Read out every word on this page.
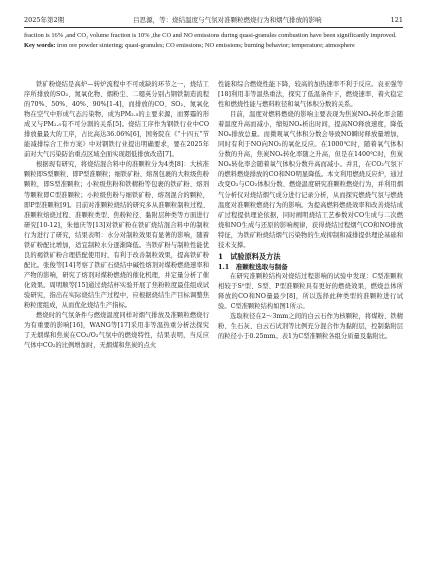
2025年第2期	吕思源，等：烧结温度与气氛对准颗粒燃烧行为和烟气排放的影响	121

fraction is 16% ,and CO₂ volume fraction is 10% ,the CO and NO emissions during quasi-granules combustion have been significantly improved.

Key words: iron ore powder sintering; quasi-granules; CO emissions; NO emissions; burning behavior; temperature; atmosphere

铁矿粉烧结是高炉—转炉流程中不可或缺的环节之一，烧结工序所排放的SO₂、氮氧化物、烟粉尘、二噁英分别占钢铁制造流程的70%、50%、40%、90%[1-4]，而排放的CO、SO₂、氮氧化物在空气中形成气态污染物，成为PM₂.₅的主要来源，而雾霾的形成又与PM₂.₅有不可分割的关系[5]。烧结工序作为钢铁行业中CO排放量最大的工序，占比高达36.06%[6]，国务院在《“十四五”节能减排综合工作方案》中对钢铁行业提出明确要求，要在2025年前对大气污染防治重点区域全面实现超低排放改造[7]。

根据现有研究，将烧结混合料中的准颗粒分为4类[8]：大核准颗粒即S型颗粒、即P型准颗粒；细铁矿粉、熔剂包裹的大粒级焦粉颗粒，即S型准颗粒；小粒级焦粉和铁精粉等包裹的铁矿粉、熔剂等颗粒即C型准颗粒；小粒级焦粉与细铁矿粉、熔剂混合的颗粒，即P型准颗粒[9]。目前对准颗粒烧结的研究多从准颗粒制粒过程、准颗粒焙烧过程、准颗粒类型、焦粉粒径、黏附层种类等方面进行研究[10-12]，朱德庆等[13]对铁矿粉在铁矿烧结混合料中的制粒行为进行了研究，结果表明：水分对制粒效果有显著的影响，随着铁矿粉配比增加，适宜制粒水分逐渐降低。当铁矿粉与制粒性能优良的褐铁矿粉合理搭配使用时，有利于改善制粒效果，提高铁矿粉配比。张俊等[14]考察了铁矿石烧结中碱性熔剂对煤粉燃烧速率和产物的影响，研究了熔剂对煤粉燃烧的催化机理，并定量分析了催化效果。周明顺等[15]通过烧结杯实验开展了焦粉粒度最佳组成试验研究，指出在实际烧结生产过程中，应根据烧结生产目标调整焦粉粒度组成，从而优化烧结生产指标。

燃烧时的气氛条件与燃烧温度同样对烟气排放及准颗粒燃烧行为有重要的影响[16]，WANG等[17]采用非等温热重分析法探究了无烟煤和焦炭在CO₂/O₂气氛中的燃烧特性，结果表明，当反应气体中CO₂的比例增加时，无烟煤和焦炭的点火

性能和综合燃烧性能下降，较高的加热速率不利于反应。袁亚强等[18]利用非等温热重法，探究了低温条件下，燃烧速率、着火稳定性和燃烧性能与燃料粒径和氧气体积分数的关系。

目前，温度对燃料燃烧的影响主要表现为焦炭NOₓ转化率会随着温度升高而减小，缩短NOₓ析出时间，提高NO释放速度，降低NOₓ排放总量。而微观氧气体积分数会导致NO瞬时释放量增加，同时有利于NO向NO₂的氧化反应。在1000℃时，随着氧气体积分数的升高，焦炭NOₓ转化率随之升高，但是在1400℃时，焦炭NOₓ转化率会随着氧气体积分数升高而减小。并且，在CO₂气氛下的燃料燃烧排放的CO和NO明显降低。本文利用燃烧反应炉，通过改变O₂与CO₂体积分数、燃烧温度研究准颗粒燃烧行为，并利用烟气分析仪对烧结烟气成分进行记录分析，从而探究燃烧气氛与燃烧温度对准颗粒燃烧行为的影响。为提高燃料燃烧效率和改善烧结成矿过程提供理论依据，同时阐明烧结工艺参数对CO生成与二次燃烧和NO生成与还原的影响规律，获得烧结过程烟气CO和NO排放特征，为铁矿粉烧结烟气污染物的生成抑制和减排提供理论基础和技术支撑。

1　试验原料及方法

1.1　准颗粒选取与制备

在研究准颗粒结构对烧结过程影响的试验中发现：C型准颗粒相较于S⁰型、S型、P型准颗粒具有更好的燃烧效果，燃烧总体所释放的CO和NO量最少[8]，所以选择此种类型的准颗粒进行试验。C型准颗粒结构如图1所示。

选取粒径在2～3mm之间的白云石作为核颗粒，将煤粉、铁精粉、生石灰、白云石试剂等比例充分混合作为黏附层，控制黏附层的粒径小于0.25mm。表1为C型准颗粒各组分质量及黏附比。
